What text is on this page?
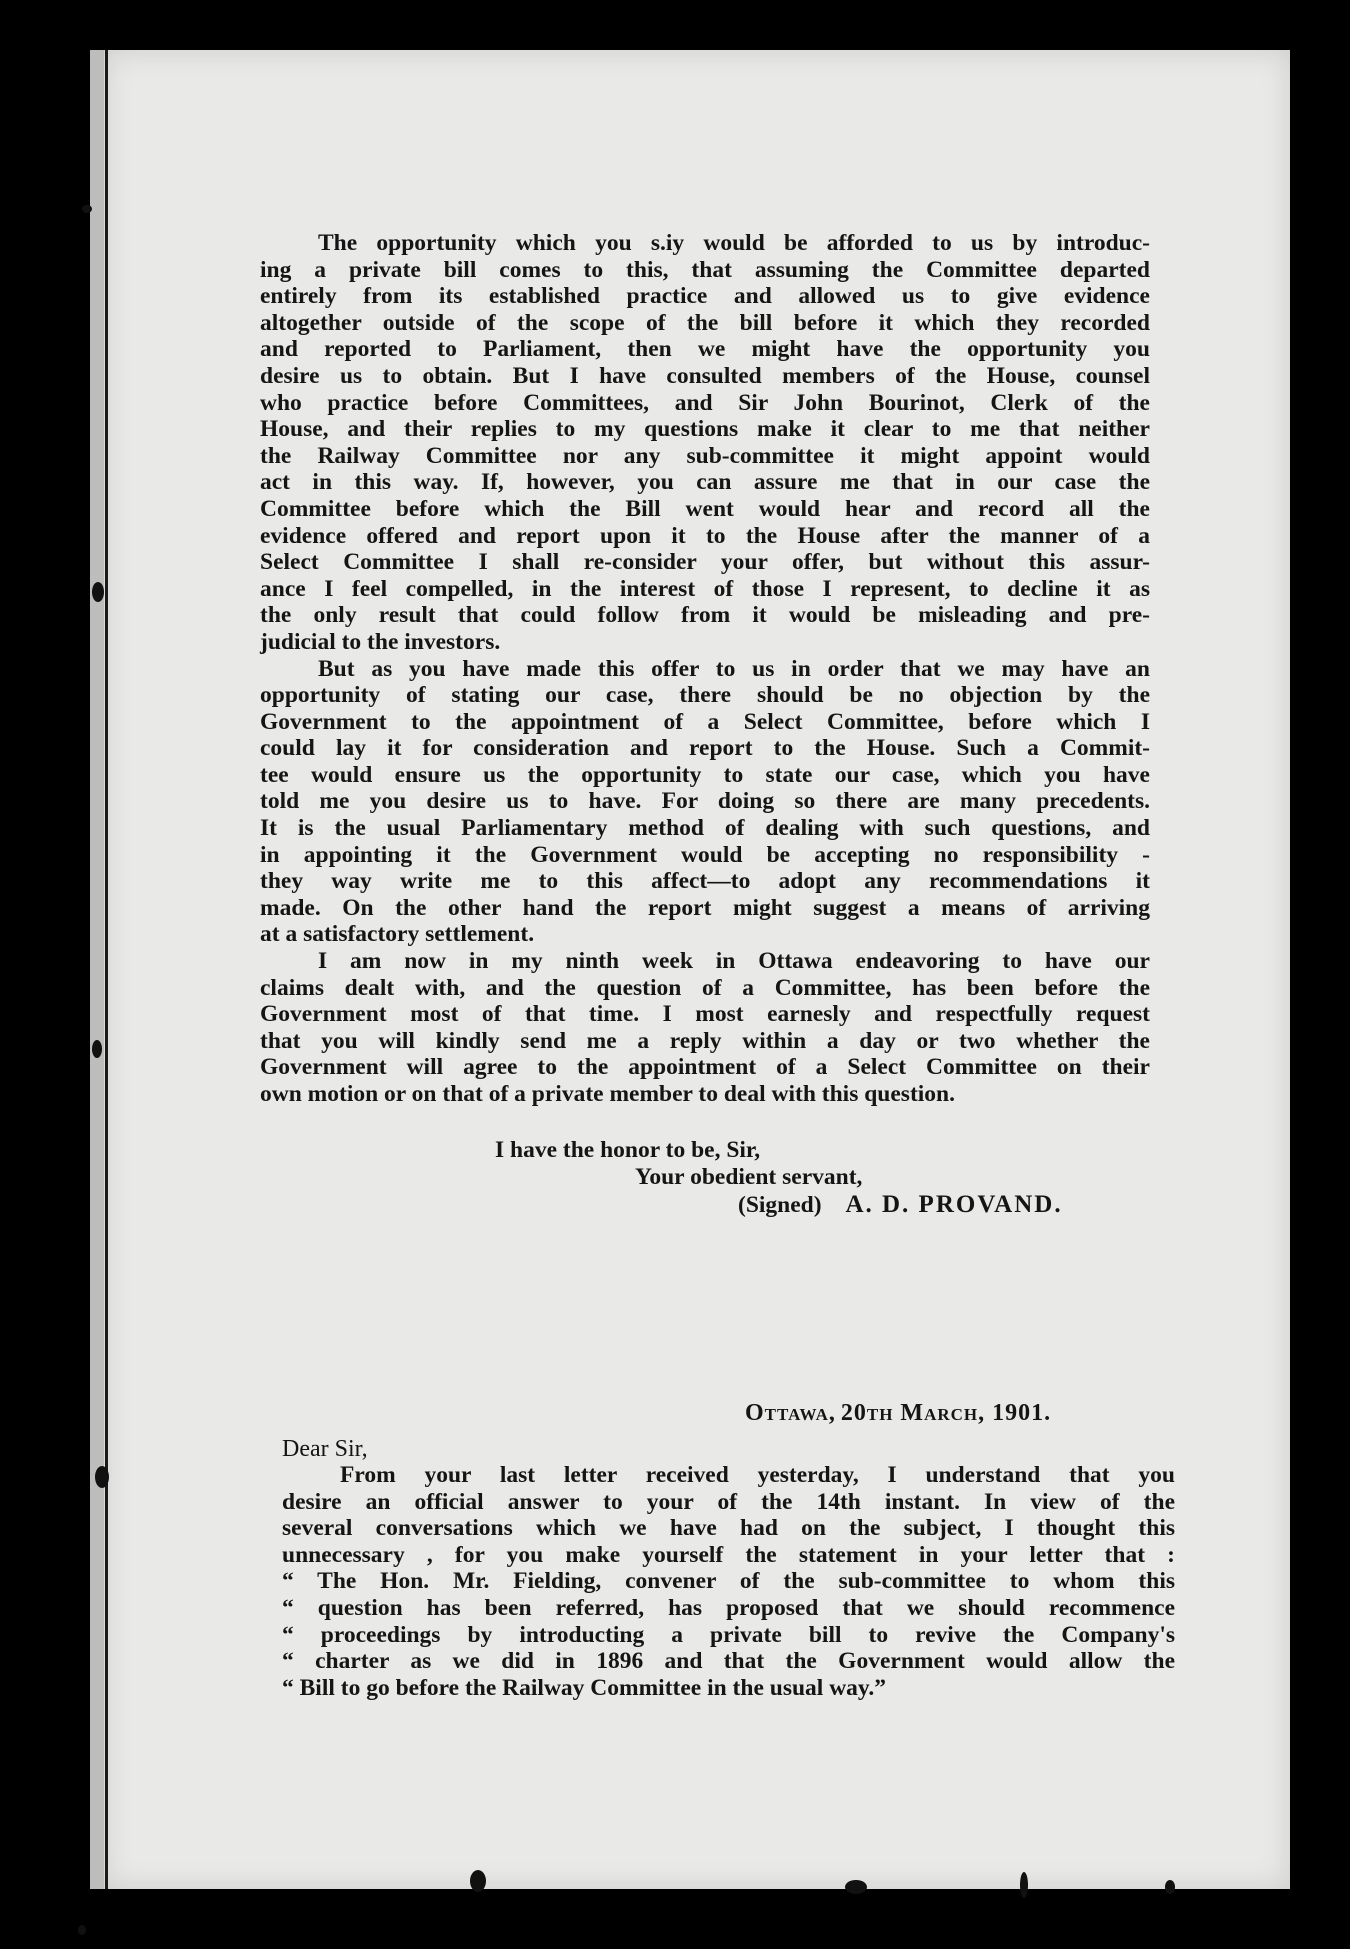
The opportunity which you s.iy would be afforded to us by introduc-
ing a private bill comes to this, that assuming the Committee departed
entirely from its established practice and allowed us to give evidence
altogether outside of the scope of the bill before it which they recorded
and reported to Parliament, then we might have the opportunity you
desire us to obtain. But I have consulted members of the House, counsel
who practice before Committees, and Sir John Bourinot, Clerk of the
House, and their replies to my questions make it clear to me that neither
the Railway Committee nor any sub-committee it might appoint would
act in this way. If, however, you can assure me that in our case the
Committee before which the Bill went would hear and record all the
evidence offered and report upon it to the House after the manner of a
Select Committee I shall re-consider your offer, but without this assur-
ance I feel compelled, in the interest of those I represent, to decline it as
the only result that could follow from it would be misleading and pre-
judicial to the investors.
But as you have made this offer to us in order that we may have an
opportunity of stating our case, there should be no objection by the
Government to the appointment of a Select Committee, before which I
could lay it for consideration and report to the House. Such a Commit-
tee would ensure us the opportunity to state our case, which you have
told me you desire us to have. For doing so there are many precedents.
It is the usual Parliamentary method of dealing with such questions, and
in appointing it the Government would be accepting no responsibility -
they way write me to this affect—to adopt any recommendations it
made. On the other hand the report might suggest a means of arriving
at a satisfactory settlement.
I am now in my ninth week in Ottawa endeavoring to have our
claims dealt with, and the question of a Committee, has been before the
Government most of that time. I most earnesly and respectfully request
that you will kindly send me a reply within a day or two whether the
Government will agree to the appointment of a Select Committee on their
own motion or on that of a private member to deal with this question.
I have the honor to be, Sir,
Your obedient servant,
(Signed) A. D. PROVAND.
Ottawa, 20th March, 1901.
Dear Sir,
From your last letter received yesterday, I understand that you
desire an official answer to your of the 14th instant. In view of the
several conversations which we have had on the subject, I thought this
unnecessary , for you make yourself the statement in your letter that :
“ The Hon. Mr. Fielding, convener of the sub-committee to whom this
“ question has been referred, has proposed that we should recommence
“ proceedings by introducting a private bill to revive the Company's
“ charter as we did in 1896 and that the Government would allow the
“ Bill to go before the Railway Committee in the usual way.”
